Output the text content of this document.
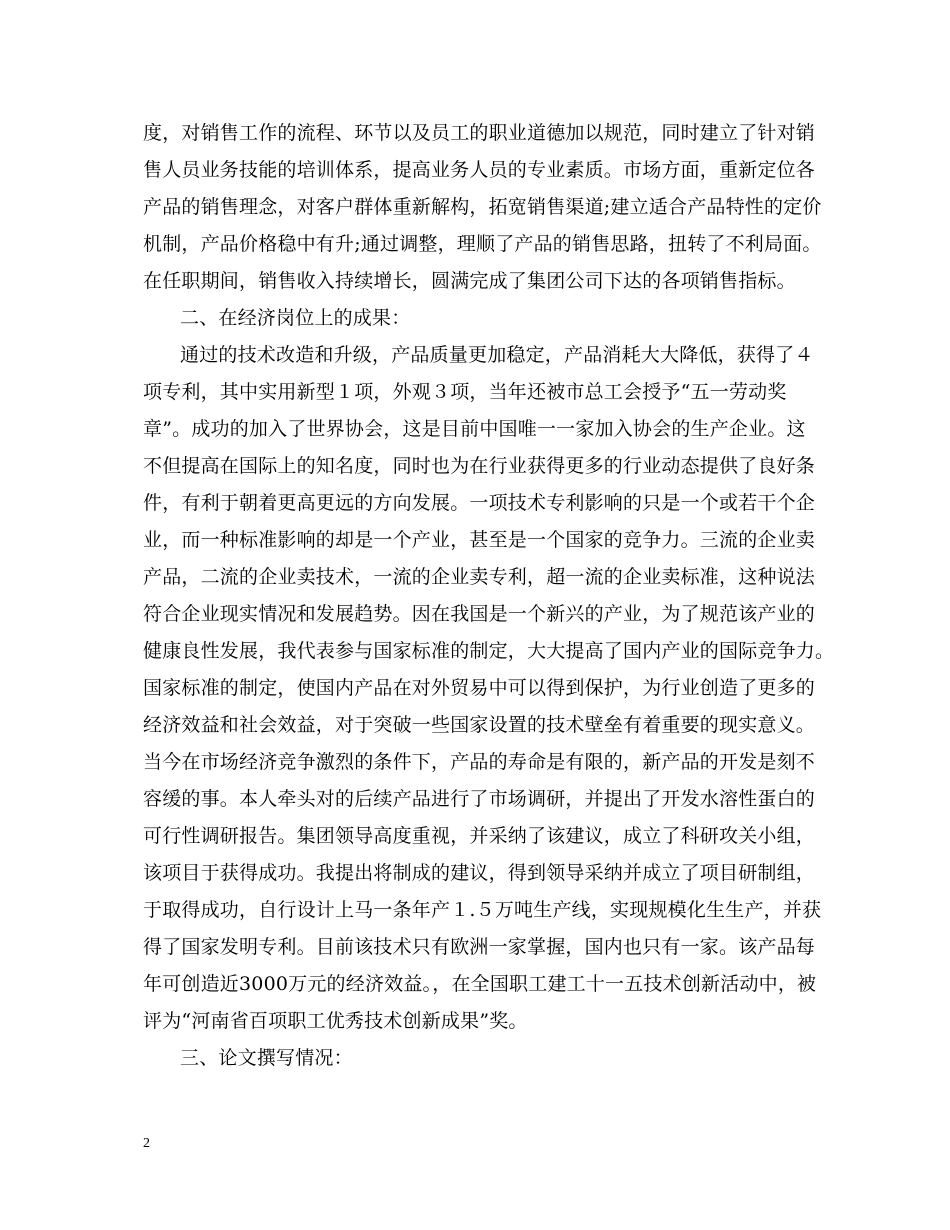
度，对销售工作的流程、环节以及员工的职业道德加以规范，同时建立了针对销
售人员业务技能的培训体系，提高业务人员的专业素质。市场方面，重新定位各
产品的销售理念，对客户群体重新解构，拓宽销售渠道;建立适合产品特性的定价
机制，产品价格稳中有升;通过调整，理顺了产品的销售思路，扭转了不利局面。
在任职期间，销售收入持续增长，圆满完成了集团公司下达的各项销售指标。
二、在经济岗位上的成果：
通过的技术改造和升级，产品质量更加稳定，产品消耗大大降低，获得了４
项专利，其中实用新型１项，外观３项，当年还被市总工会授予“五一劳动奖
章”。成功的加入了世界协会，这是目前中国唯一一家加入协会的生产企业。这
不但提高在国际上的知名度，同时也为在行业获得更多的行业动态提供了良好条
件，有利于朝着更高更远的方向发展。一项技术专利影响的只是一个或若干个企
业，而一种标准影响的却是一个产业，甚至是一个国家的竞争力。三流的企业卖
产品，二流的企业卖技术，一流的企业卖专利，超一流的企业卖标准，这种说法
符合企业现实情况和发展趋势。因在我国是一个新兴的产业，为了规范该产业的
健康良性发展，我代表参与国家标准的制定，大大提高了国内产业的国际竞争力。
国家标准的制定，使国内产品在对外贸易中可以得到保护，为行业创造了更多的
经济效益和社会效益，对于突破一些国家设置的技术壁垒有着重要的现实意义。
当今在市场经济竞争激烈的条件下，产品的寿命是有限的，新产品的开发是刻不
容缓的事。本人牵头对的后续产品进行了市场调研，并提出了开发水溶性蛋白的
可行性调研报告。集团领导高度重视，并采纳了该建议，成立了科研攻关小组，
该项目于获得成功。我提出将制成的建议，得到领导采纳并成立了项目研制组，
于取得成功，自行设计上马一条年产１.５万吨生产线，实现规模化生生产，并获
得了国家发明专利。目前该技术只有欧洲一家掌握，国内也只有一家。该产品每
年可创造近3000万元的经济效益。，在全国职工建工十一五技术创新活动中，被
评为“河南省百项职工优秀技术创新成果”奖。
三、论文撰写情况：
2
